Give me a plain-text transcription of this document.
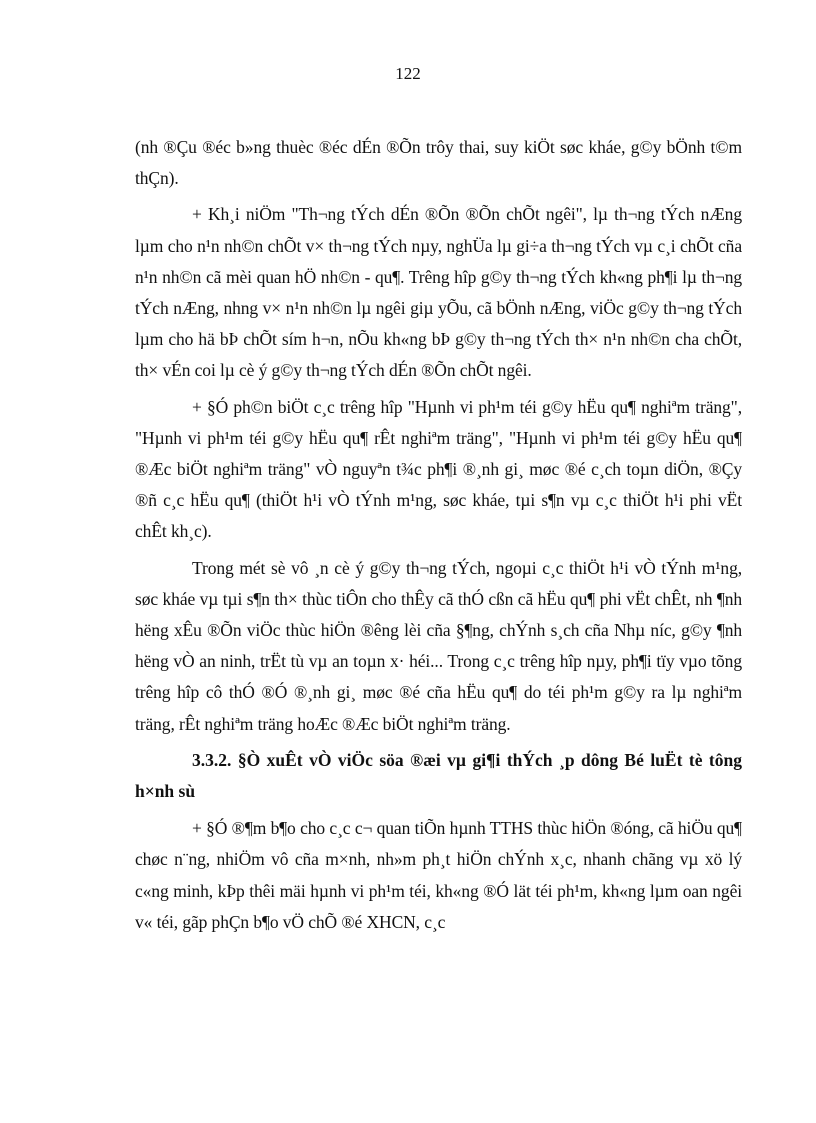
122

(nh ®Çu ®éc b»ng thuèc ®éc dÉn ®Õn trôy thai, suy kiÖt søc kháe, g©y bÖnh t©m thÇn).

+ Kh¸i niÖm "Th¬ng tÝch dÉn ®Õn ®Õn chÕt ngêi", lµ th¬ng tÝch nÆng lµm cho n¹n nh©n chÕt v× th¬ng tÝch nµy, nghÜa lµ gi÷a th¬ng tÝch vµ c¸i chÕt cña n¹n nh©n cã mèi quan hÖ nh©n - qu¶. Trêng hîp g©y th¬ng tÝch kh«ng ph¶i lµ th¬ng tÝch nÆng, nhng v× n¹n nh©n lµ ngêi giµ yÕu, cã bÖnh nÆng, viÖc g©y th¬ng tÝch lµm cho hä bÞ chÕt sím h¬n, nÕu kh«ng bÞ g©y th¬ng tÝch th× n¹n nh©n cha chÕt, th× vÉn coi lµ cè ý g©y th¬ng tÝch dÉn ®Õn chÕt ngêi.

+ §Ó ph©n biÖt c¸c trêng hîp "Hµnh vi ph¹m téi g©y hËu qu¶ nghiªm träng", "Hµnh vi ph¹m téi g©y hËu qu¶ rÊt nghiªm träng", "Hµnh vi ph¹m téi g©y hËu qu¶ ®Æc biÖt nghiªm träng" vÒ nguyªn t¾c ph¶i ®¸nh gi¸ møc ®é c¸ch toµn diÖn, ®Çy ®ñ c¸c hËu qu¶ (thiÖt h¹i vÒ tÝnh m¹ng, søc kháe, tµi s¶n vµ c¸c thiÖt h¹i phi vËt chÊt kh¸c).

Trong mét sè vô ¸n cè ý g©y th¬ng tÝch, ngoµi c¸c thiÖt h¹i vÒ tÝnh m¹ng, søc kháe vµ tµi s¶n th× thùc tiÔn cho thÊy cã thÓ cßn cã hËu qu¶ phi vËt chÊt, nh ¶nh hëng xÊu ®Õn viÖc thùc hiÖn ®êng lèi cña §¶ng, chÝnh s¸ch cña Nhµ níc, g©y ¶nh hëng vÒ an ninh, trËt tù vµ an toµn x· héi... Trong c¸c trêng hîp nµy, ph¶i tïy vµo tõng trêng hîp cô thÓ ®Ó ®¸nh gi¸ møc ®é cña hËu qu¶ do téi ph¹m g©y ra lµ nghiªm träng, rÊt nghiªm träng hoÆc ®Æc biÖt nghiªm träng.

3.3.2. §Ò xuÊt vÒ viÖc söa ®æi vµ gi¶i thÝch ¸p dông Bé luËt tè tông h×nh sù

+ §Ó ®¶m b¶o cho c¸c c¬ quan tiÕn hµnh TTHS thùc hiÖn ®óng, cã hiÖu qu¶ chøc n¨ng, nhiÖm vô cña m×nh, nh»m ph¸t hiÖn chÝnh x¸c, nhanh chãng vµ xö lý c«ng minh, kÞp thêi mäi hµnh vi ph¹m téi, kh«ng ®Ó lät téi ph¹m, kh«ng lµm oan ngêi v« téi, gãp phÇn b¶o vÖ chÕ ®é XHCN, c¸c
